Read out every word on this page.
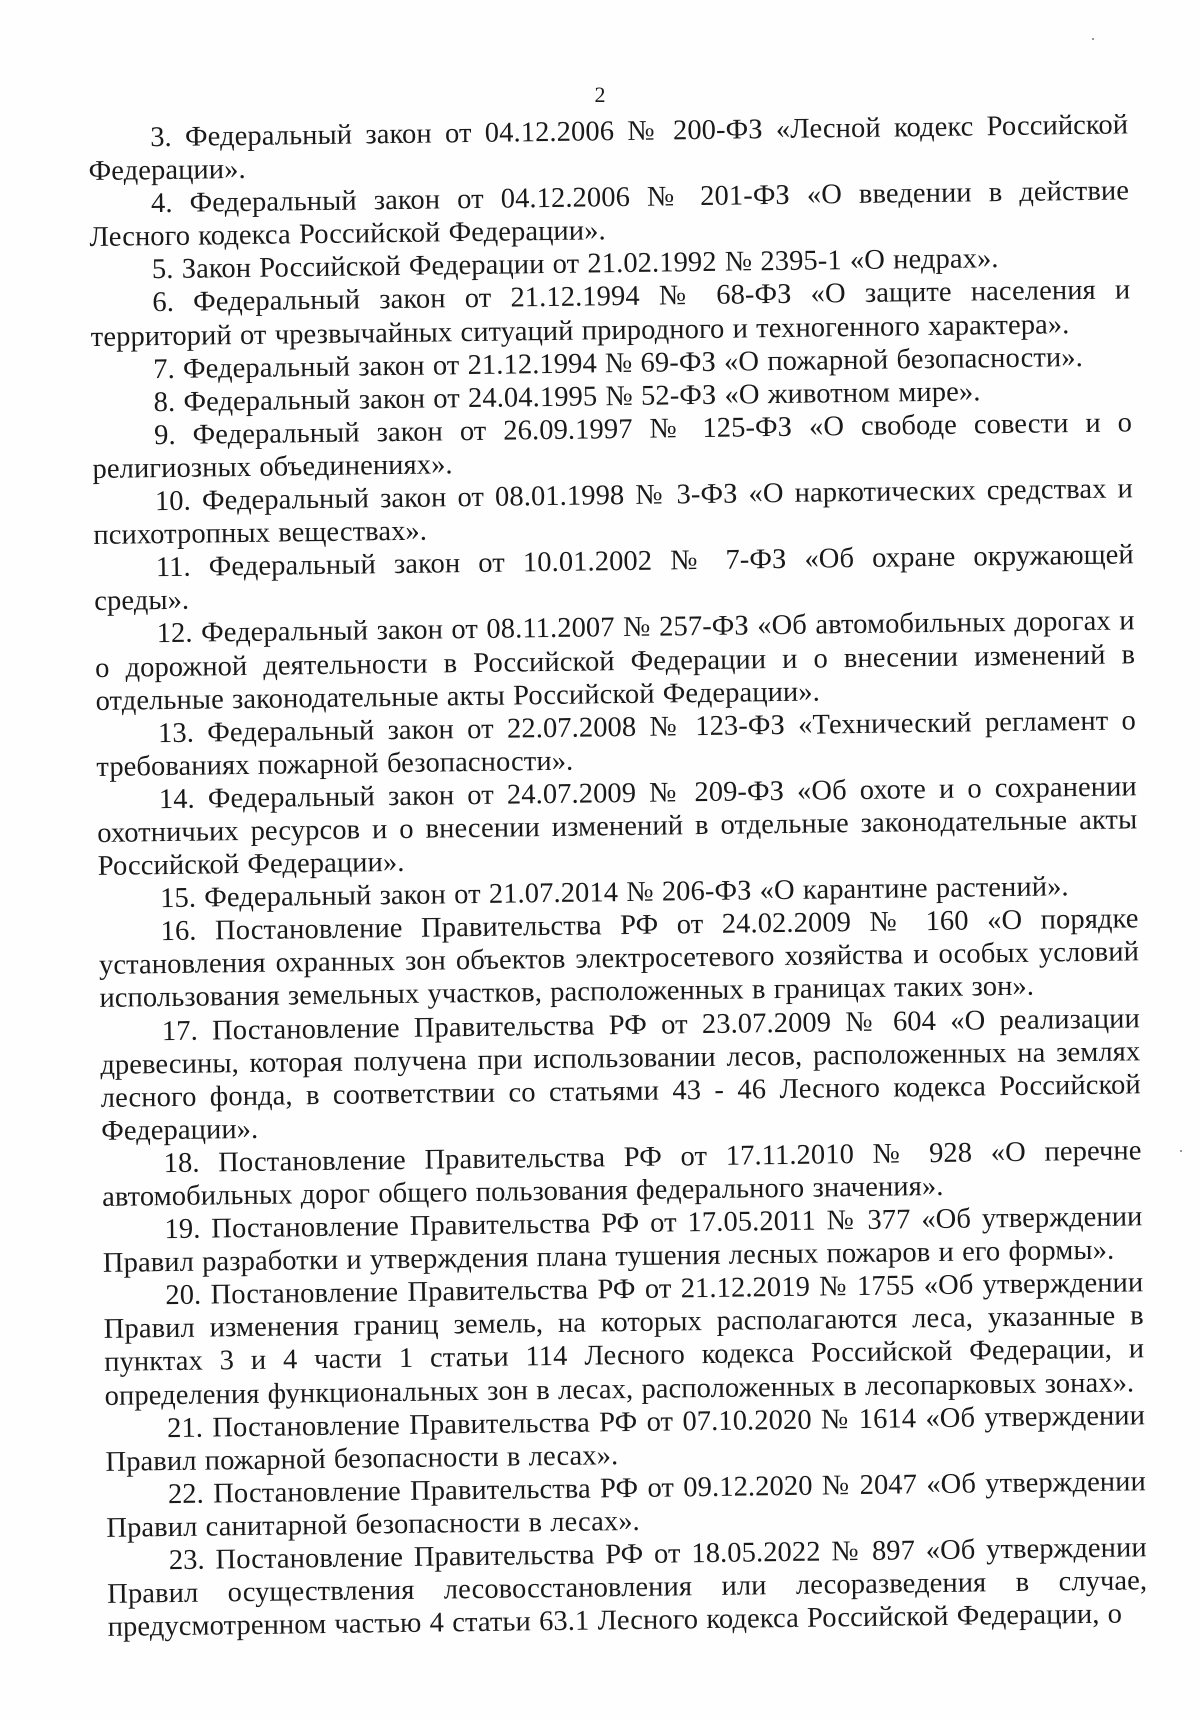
2

3. Федеральный закон от 04.12.2006 № 200-ФЗ «Лесной кодекс Российской Федерации».

4. Федеральный закон от 04.12.2006 № 201-ФЗ «О введении в действие Лесного кодекса Российской Федерации».

5. Закон Российской Федерации от 21.02.1992 № 2395-1 «О недрах».

6. Федеральный закон от 21.12.1994 № 68-ФЗ «О защите населения и территорий от чрезвычайных ситуаций природного и техногенного характера».

7. Федеральный закон от 21.12.1994 № 69-ФЗ «О пожарной безопасности».

8. Федеральный закон от 24.04.1995 № 52-ФЗ «О животном мире».

9. Федеральный закон от 26.09.1997 № 125-ФЗ «О свободе совести и о религиозных объединениях».

10. Федеральный закон от 08.01.1998 № 3-ФЗ «О наркотических средствах и психотропных веществах».

11. Федеральный закон от 10.01.2002 № 7-ФЗ «Об охране окружающей среды».

12. Федеральный закон от 08.11.2007 № 257-ФЗ «Об автомобильных дорогах и о дорожной деятельности в Российской Федерации и о внесении изменений в отдельные законодательные акты Российской Федерации».

13. Федеральный закон от 22.07.2008 № 123-ФЗ «Технический регламент о требованиях пожарной безопасности».

14. Федеральный закон от 24.07.2009 № 209-ФЗ «Об охоте и о сохранении охотничьих ресурсов и о внесении изменений в отдельные законодательные акты Российской Федерации».

15. Федеральный закон от 21.07.2014 № 206-ФЗ «О карантине растений».

16. Постановление Правительства РФ от 24.02.2009 № 160 «О порядке установления охранных зон объектов электросетевого хозяйства и особых условий использования земельных участков, расположенных в границах таких зон».

17. Постановление Правительства РФ от 23.07.2009 № 604 «О реализации древесины, которая получена при использовании лесов, расположенных на землях лесного фонда, в соответствии со статьями 43 - 46 Лесного кодекса Российской Федерации».

18. Постановление Правительства РФ от 17.11.2010 № 928 «О перечне автомобильных дорог общего пользования федерального значения».

19. Постановление Правительства РФ от 17.05.2011 № 377 «Об утверждении Правил разработки и утверждения плана тушения лесных пожаров и его формы».

20. Постановление Правительства РФ от 21.12.2019 № 1755 «Об утверждении Правил изменения границ земель, на которых располагаются леса, указанные в пунктах 3 и 4 части 1 статьи 114 Лесного кодекса Российской Федерации, и определения функциональных зон в лесах, расположенных в лесопарковых зонах».

21. Постановление Правительства РФ от 07.10.2020 № 1614 «Об утверждении Правил пожарной безопасности в лесах».

22. Постановление Правительства РФ от 09.12.2020 № 2047 «Об утверждении Правил санитарной безопасности в лесах».

23. Постановление Правительства РФ от 18.05.2022 № 897 «Об утверждении Правил осуществления лесовосстановления или лесоразведения в случае, предусмотренном частью 4 статьи 63.1 Лесного кодекса Российской Федерации, о
